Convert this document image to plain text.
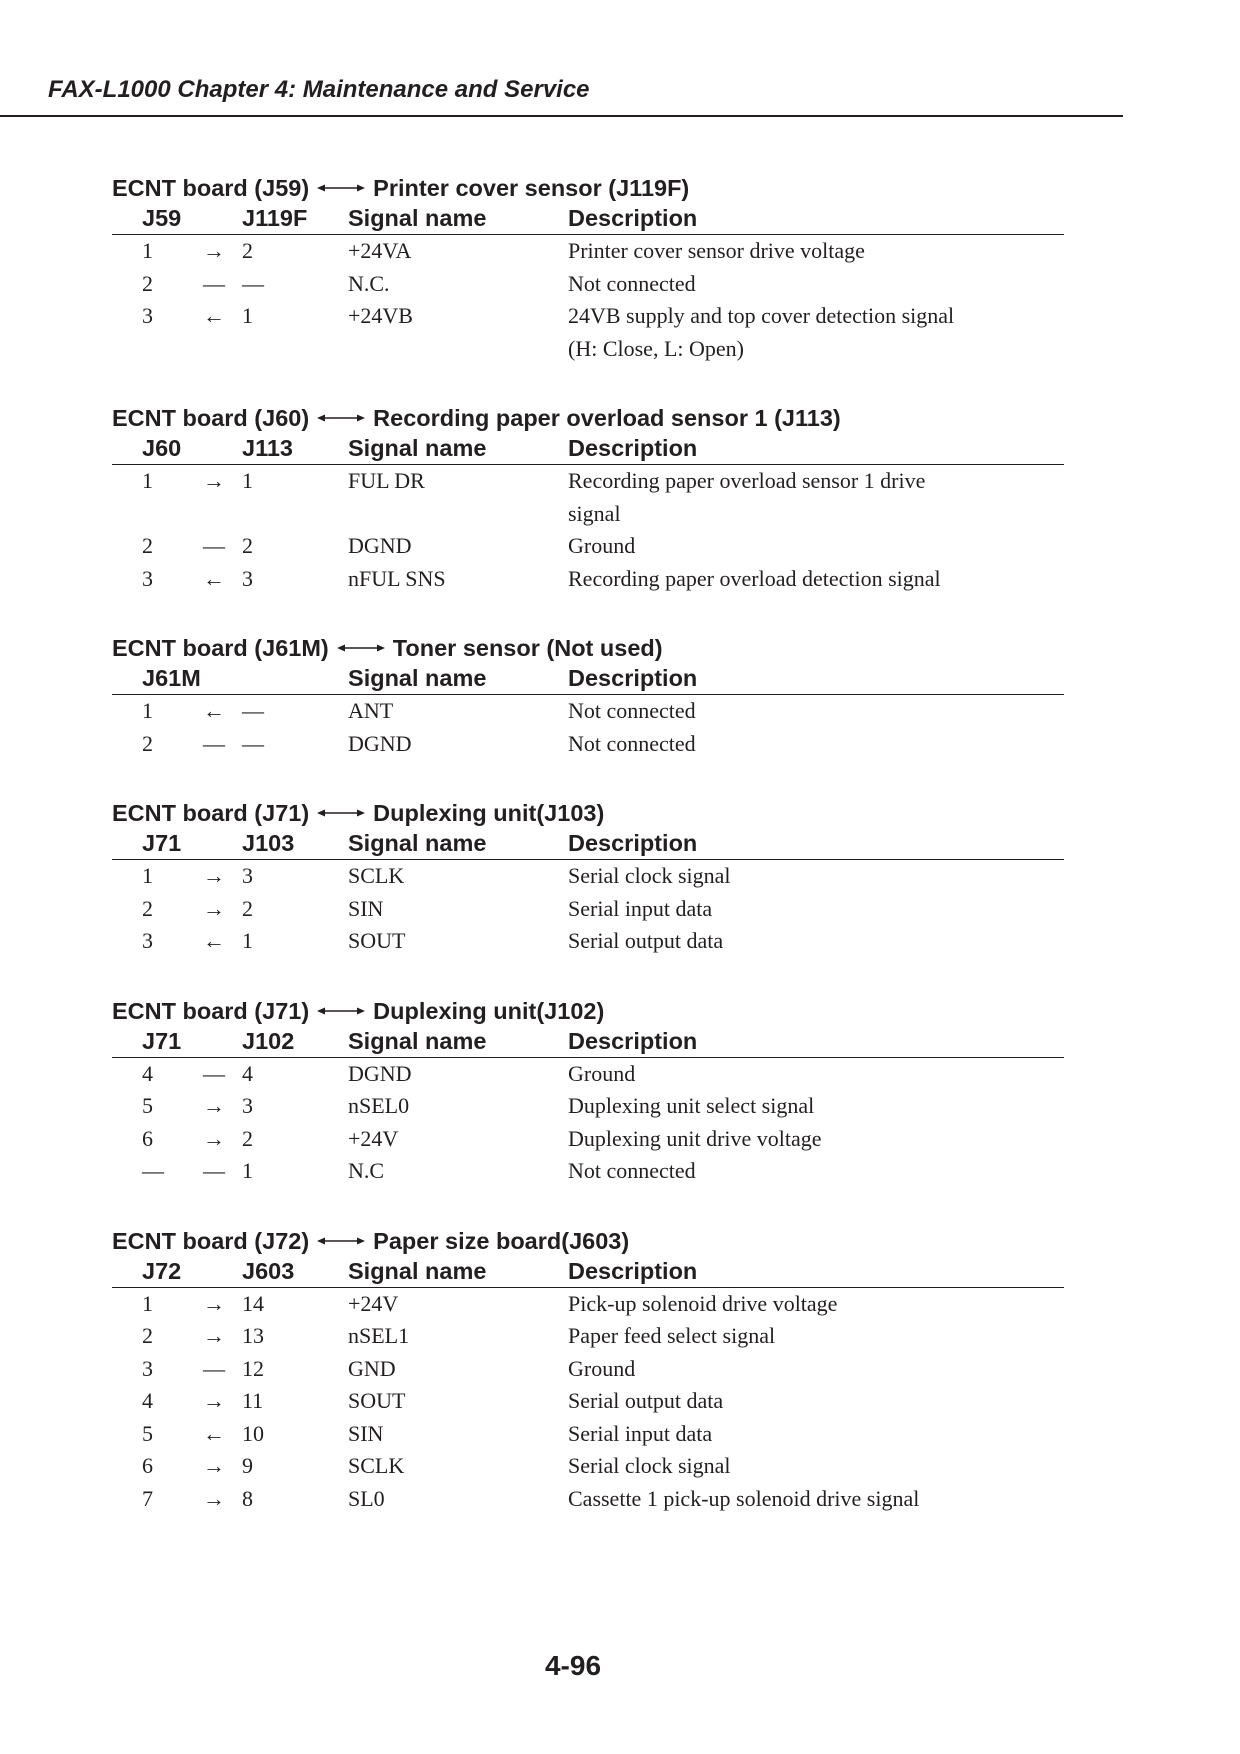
FAX-L1000 Chapter 4: Maintenance and Service
ECNT board (J59)	Printer cover sensor (J119F)
	J59		J119F	Signal name	Description
	1	→	2	+24VA	Printer cover sensor drive voltage
	2	—	—	N.C.	Not connected
	3	←	1	+24VB	24VB supply and top cover detection signal
					(H: Close, L: Open)
ECNT board (J60)	Recording paper overload sensor 1 (J113)
	J60		J113	Signal name	Description
	1	→	1	FUL DR	Recording paper overload sensor 1 drive
					signal
	2	—	2	DGND	Ground
	3	←	3	nFUL SNS	Recording paper overload detection signal
ECNT board (J61M)	Toner sensor (Not used)
	J61M			Signal name	Description
	1	←	—	ANT	Not connected
	2	—	—	DGND	Not connected
ECNT board (J71)	Duplexing unit(J103)
	J71		J103	Signal name	Description
	1	→	3	SCLK	Serial clock signal
	2	→	2	SIN	Serial input data
	3	←	1	SOUT	Serial output data
ECNT board (J71)	Duplexing unit(J102)
	J71		J102	Signal name	Description
	4	—	4	DGND	Ground
	5	→	3	nSEL0	Duplexing unit select signal
	6	→	2	+24V	Duplexing unit drive voltage
	—	—	1	N.C	Not connected
ECNT board (J72)	Paper size board(J603)
	J72		J603	Signal name	Description
	1	→	14	+24V	Pick-up solenoid drive voltage
	2	→	13	nSEL1	Paper feed select signal
	3	—	12	GND	Ground
	4	→	11	SOUT	Serial output data
	5	←	10	SIN	Serial input data
	6	→	9	SCLK	Serial clock signal
	7	→	8	SL0	Cassette 1 pick-up solenoid drive signal
4-96
